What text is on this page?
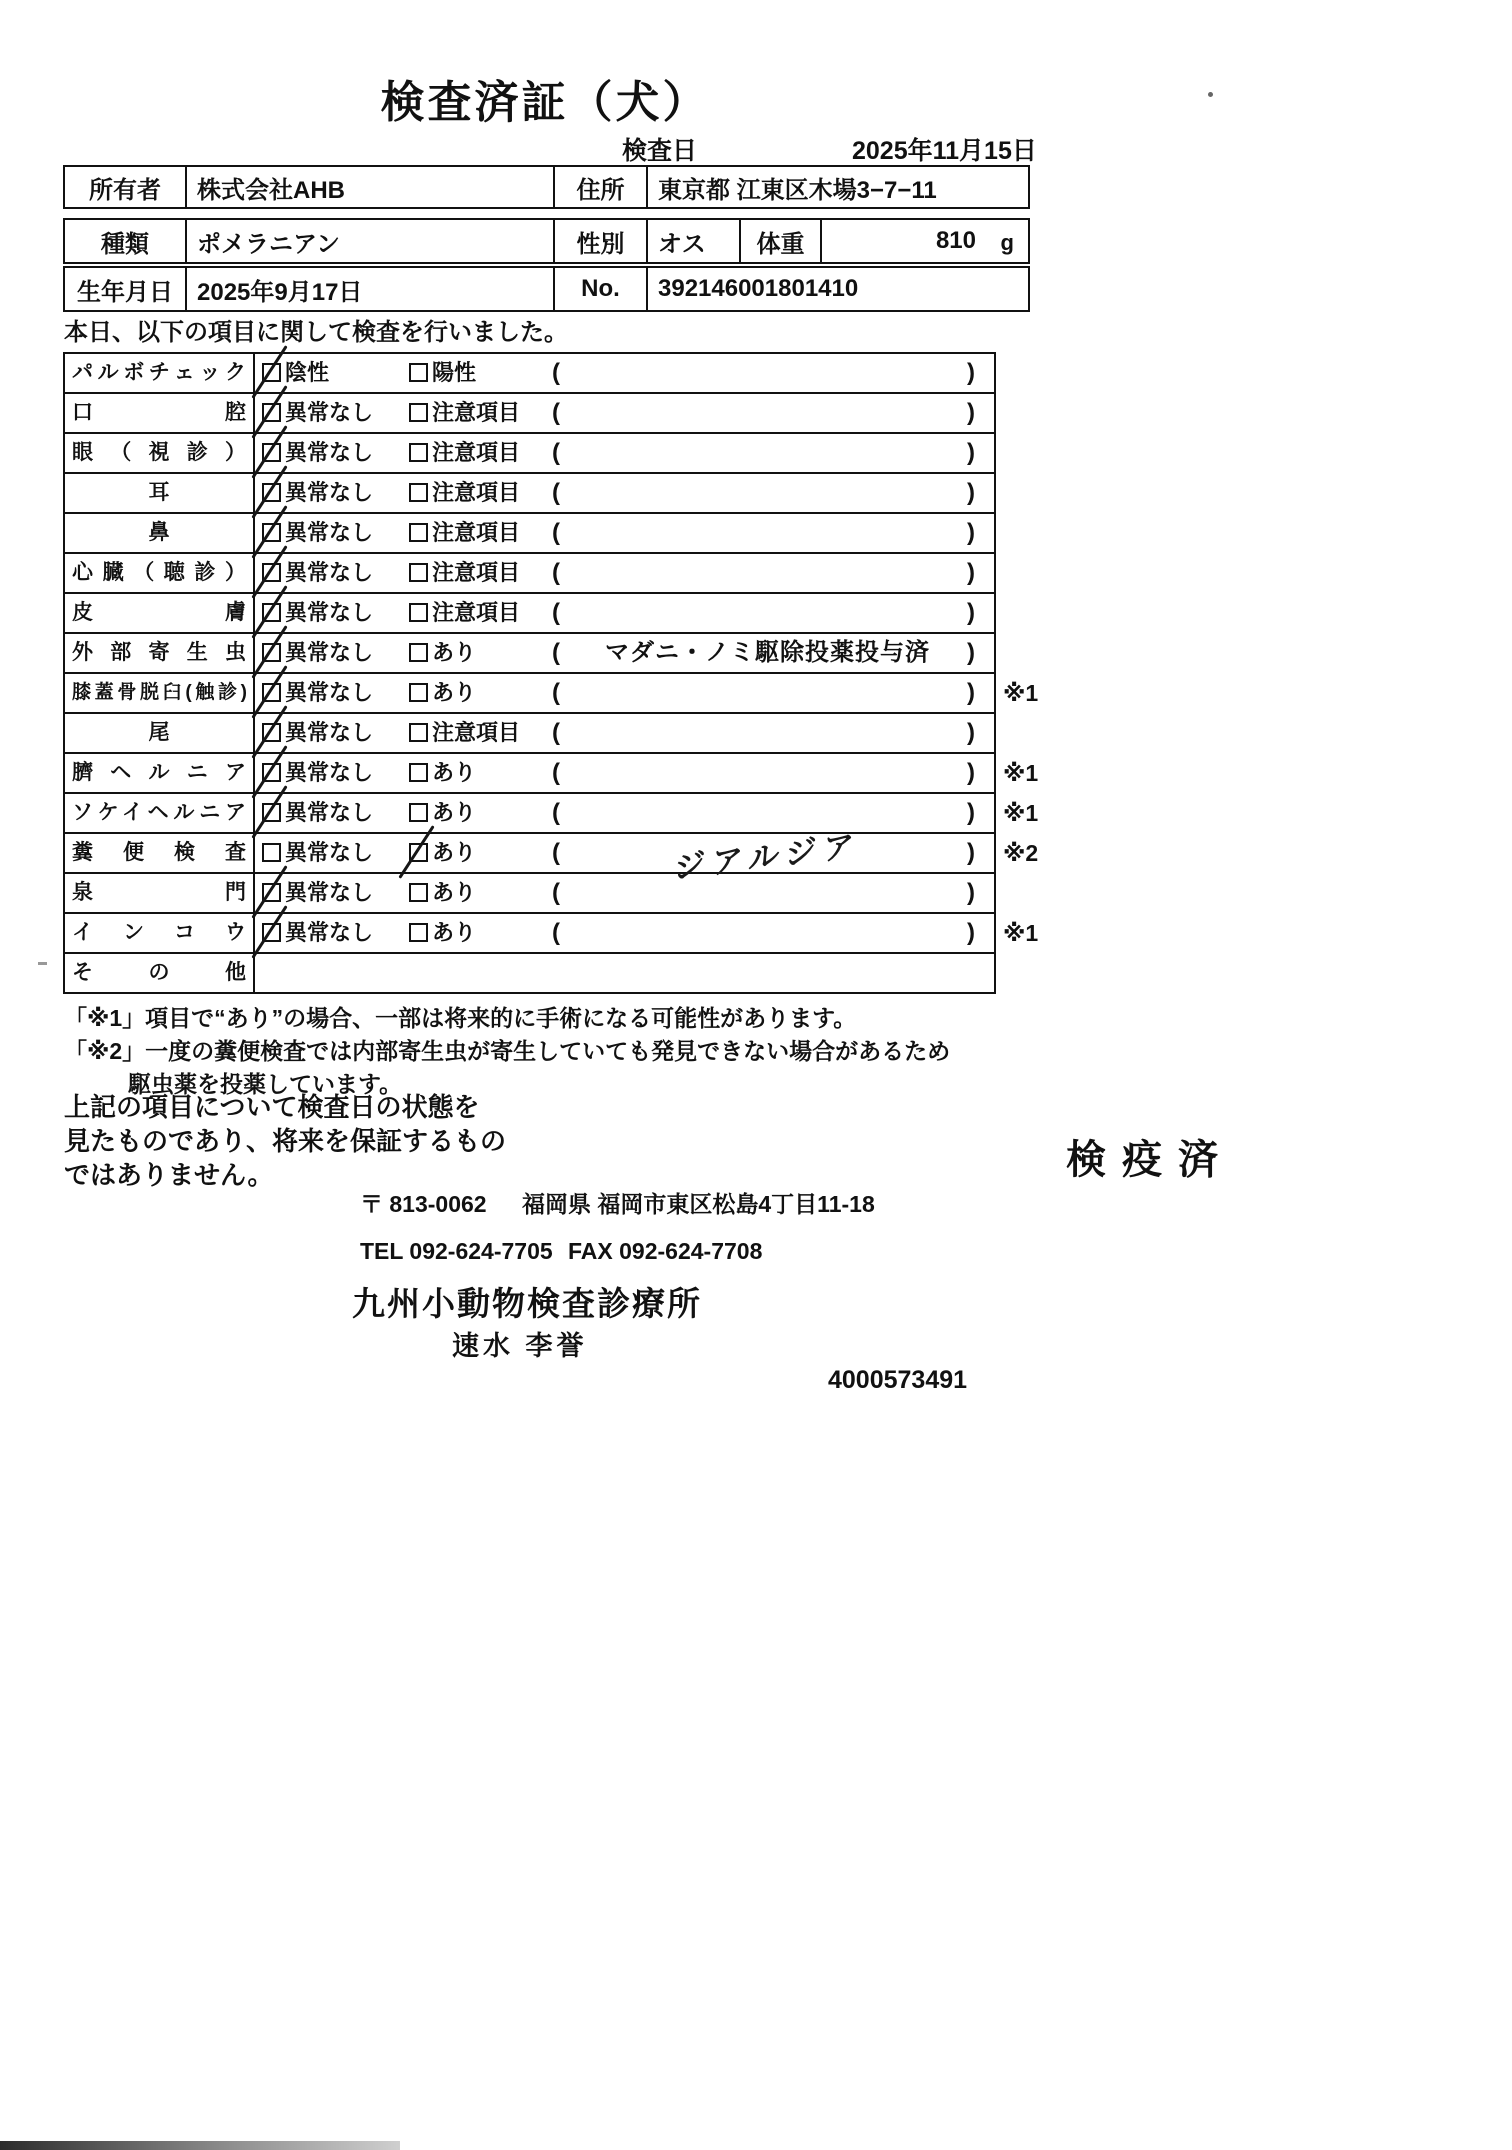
検査済証（犬）
検査日	2025年11月15日
所有者	株式会社AHB	住所	東京都 江東区木場3−7−11
種類	ポメラニアン	性別	オス	体重	810 g
生年月日	2025年9月17日	No.	392146001801410
本日、以下の項目に関して検査を行いました。
パルボチェック	陰性	陽性	(	)
口腔	異常なし	注意項目 (	)
眼（視診）	異常なし	注意項目 (	)
耳	異常なし	注意項目 (	)
鼻	異常なし	注意項目 (	)
心臓（聴診）	異常なし	注意項目 (	)
皮膚	異常なし	注意項目 (	)
外部寄生虫	異常なし	あり	(	マダニ・ノミ駆除投薬投与済	)
膝蓋骨脱臼(触診)	異常なし	あり	(	) ※1
尾	異常なし	注意項目 (	)
臍ヘルニア	異常なし	あり	(	) ※1
ソケイヘルニア	異常なし	あり	(	) ※1
糞便検査	異常なし	あり	(	ジアルジア	) ※2
泉門	異常なし	あり	(	)
インコウ	異常なし	あり	(	) ※1
その他
「※1」項目で“あり”の場合、一部は将来的に手術になる可能性があります。
「※2」一度の糞便検査では内部寄生虫が寄生していても発見できない場合があるため
駆虫薬を投薬しています。
上記の項目について検査日の状態を
見たものであり、将来を保証するもの
ではありません。	検疫済
〒 813-0062 福岡県 福岡市東区松島4丁目11-18
TEL 092-624-7705 FAX 092-624-7708
九州小動物検査診療所
速水 李誉
4000573491
